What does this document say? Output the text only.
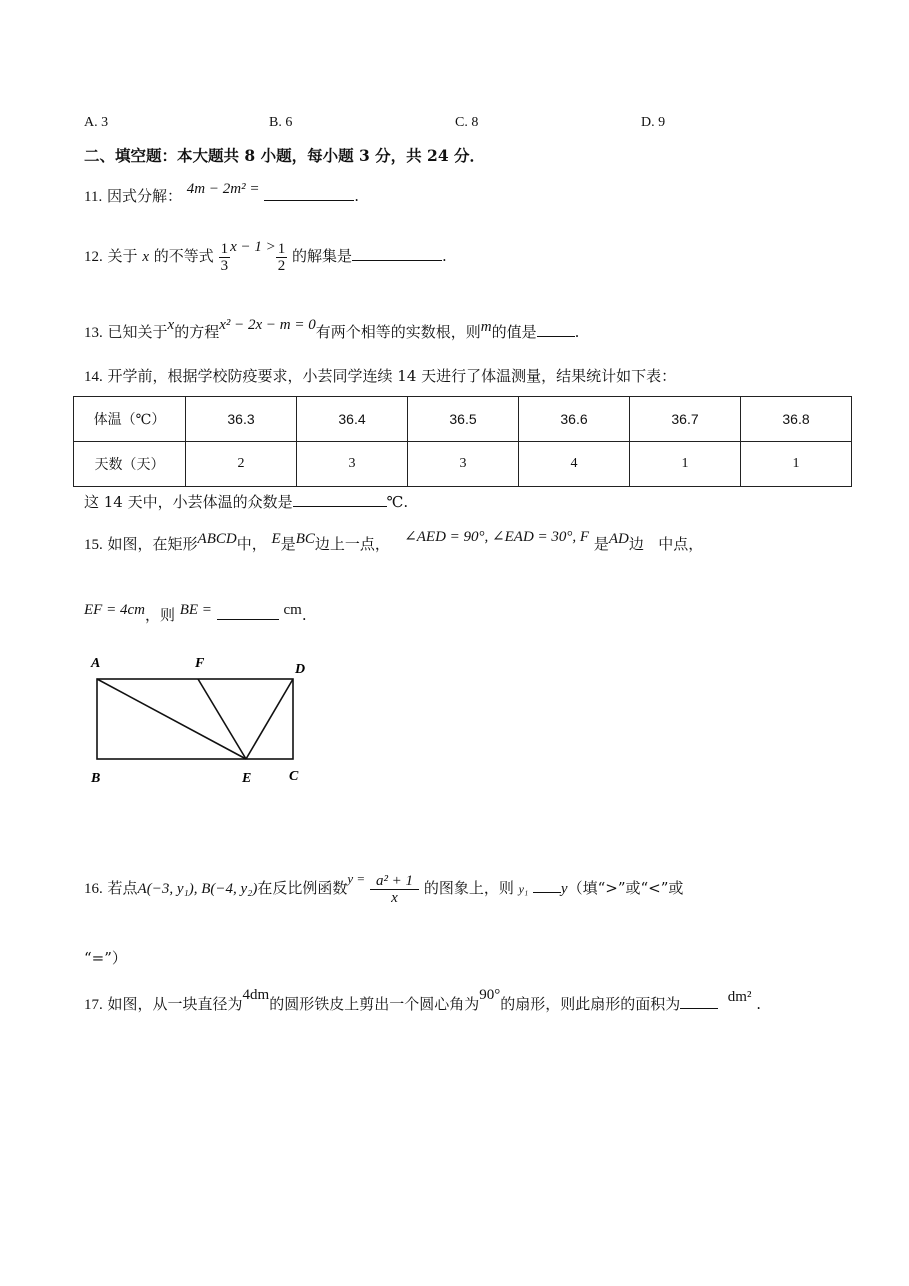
A. 3	B. 6	C. 8	D. 9
二、填空题：本大题共 8 小题，每小题 3 分，共 24 分．
11. 因式分解： 4m − 2m² =	.
12. 关于 x 的不等式 $\frac{1}{3}$ $x - 1 > \frac{1}{2}$ 的解集是	.
13. 已知关于x的方程x² − 2x − m = 0有两个相等的实数根，则m的值是	.
14. 开学前，根据学校防疫要求，小芸同学连续 14 天进行了体温测量，结果统计如下表：
体温（℃）	36.3	36.4	36.5	36.6	36.7	36.8
天数（天）	2	3	3	4	1	1
这 14 天中，小芸体温的众数是	℃.
15. 如图，在矩形ABCD中， E是BC边上一点， ∠AED = 90°, ∠EAD = 30°, F 是AD边 中点，
EF = 4cm，则 BE =	cm.
A	F	D
B	E	C
16. 若点A(−3, y₁), B(−4, y₂)在反比例函数$y = \frac{\text{a² + 1}}{x}$ 的图象上，则 y₁ y（填“>”或“<”或
“=”）
17. 如图，从一块直径为4dm的圆形铁皮上剪出一个圆心角为90°的扇形，则此扇形的面积为	dm² .
